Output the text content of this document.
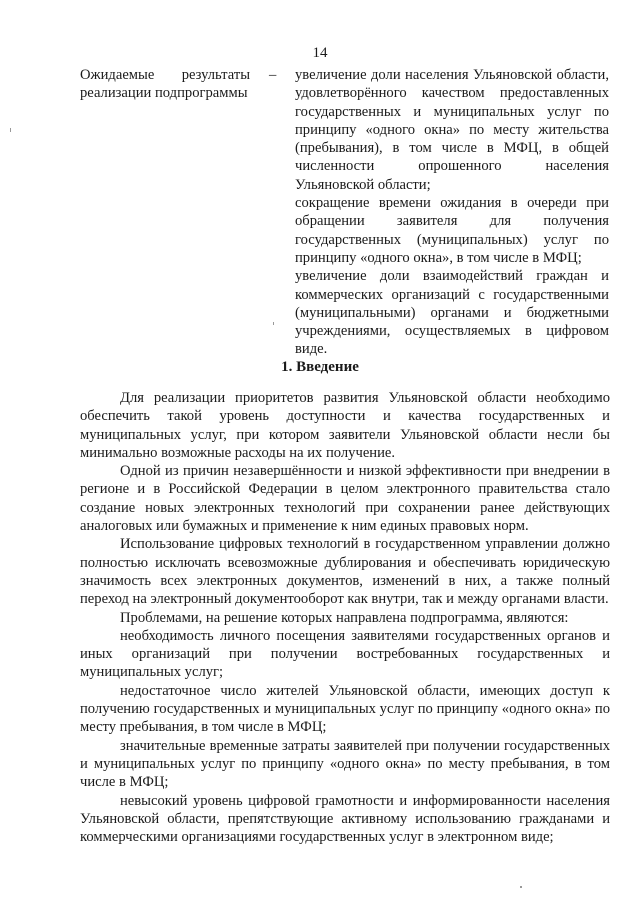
14
Ожидаемые результаты
реализации подпрограммы
– увеличение доли населения Ульяновской области, удовлетворённого качеством предоставленных государственных и муниципальных услуг по принципу «одного окна» по месту жительства (пребывания), в том числе в МФЦ, в общей численности опрошенного населения Ульяновской области;

сокращение времени ожидания в очереди при обращении заявителя для получения государственных (муниципальных) услуг по принципу «одного окна», в том числе в МФЦ;

увеличение доли взаимодействий граждан и коммерческих организаций с государственными (муниципальными) органами и бюджетными учреждениями, осуществляемых в цифровом виде.

1. Введение

Для реализации приоритетов развития Ульяновской области необходимо обеспечить такой уровень доступности и качества государственных и муниципальных услуг, при котором заявители Ульяновской области несли бы минимально возможные расходы на их получение.

Одной из причин незавершённости и низкой эффективности при внедрении в регионе и в Российской Федерации в целом электронного правительства стало создание новых электронных технологий при сохранении ранее действующих аналоговых или бумажных и применение к ним единых правовых норм.

Использование цифровых технологий в государственном управлении должно полностью исключать всевозможные дублирования и обеспечивать юридическую значимость всех электронных документов, изменений в них, а также полный переход на электронный документооборот как внутри, так и между органами власти.

Проблемами, на решение которых направлена подпрограмма, являются:

необходимость личного посещения заявителями государственных органов и иных организаций при получении востребованных государственных и муниципальных услуг;

недостаточное число жителей Ульяновской области, имеющих доступ к получению государственных и муниципальных услуг по принципу «одного окна» по месту пребывания, в том числе в МФЦ;

значительные временные затраты заявителей при получении государственных и муниципальных услуг по принципу «одного окна» по месту пребывания, в том числе в МФЦ;

невысокий уровень цифровой грамотности и информированности населения Ульяновской области, препятствующие активному использованию гражданами и коммерческими организациями государственных услуг в электронном виде;
